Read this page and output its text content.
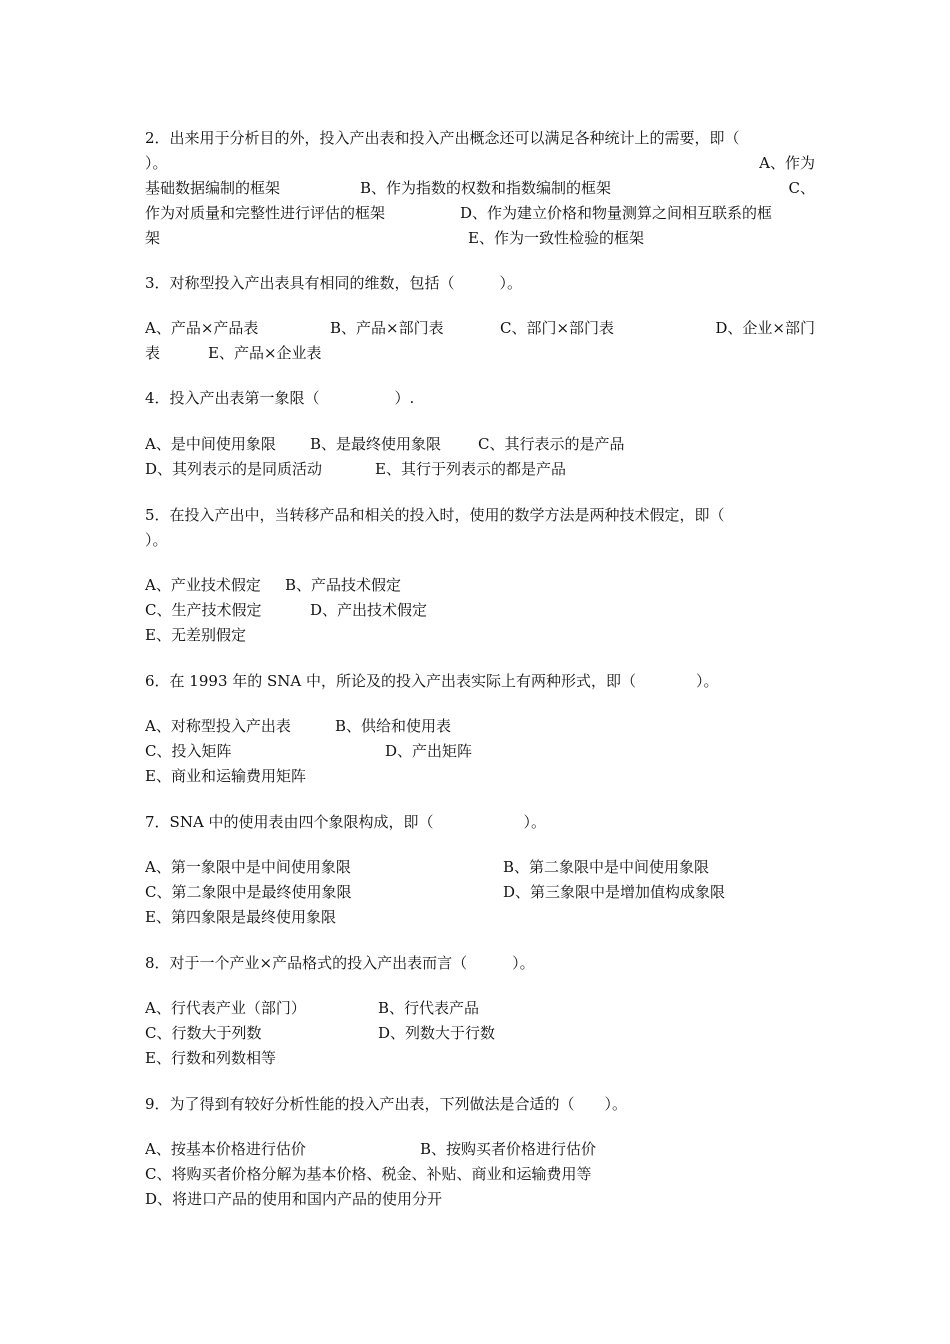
2．出来用于分析目的外，投入产出表和投入产出概念还可以满足各种统计上的需要，即（

）。

	A、作为

基础数据编制的框架

	B、作为指数的权数和指数编制的框架

	C、

作为对质量和完整性进行评估的框架

	D、作为建立价格和物量测算之间相互联系的框

架

	E、作为一致性检验的框架

3．对称型投入产出表具有相同的维数，包括（　　　）。

A、产品×产品表

	B、产品×部门表

	C、部门×部门表

	D、企业×部门

表

	E、产品×企业表

4．投入产出表第一象限（　　　　　）.

A、是中间使用象限

B、是最终使用象限

C、其行表示的是产品

D、其列表示的是同质活动

	E、其行于列表示的都是产品

5．在投入产出中，当转移产品和相关的投入时，使用的数学方法是两种技术假定，即（

）。

A、产业技术假定

B、产品技术假定

C、生产技术假定

	D、产出技术假定

E、无差别假定

6．在 1993 年的 SNA 中，所论及的投入产出表实际上有两种形式，即（　　　　）。

A、对称型投入产出表

	B、供给和使用表

C、投入矩阵

	D、产出矩阵

E、商业和运输费用矩阵

7．SNA 中的使用表由四个象限构成，即（　　　　　　）。

A、第一象限中是中间使用象限

	B、第二象限中是中间使用象限

C、第二象限中是最终使用象限

	D、第三象限中是增加值构成象限

E、第四象限是最终使用象限

8．对于一个产业×产品格式的投入产出表而言（　　　）。

A、行代表产业（部门）

	B、行代表产品

C、行数大于列数

	D、列数大于行数

E、行数和列数相等

9．为了得到有较好分析性能的投入产出表，下列做法是合适的（　　）。

A、按基本价格进行估价

	B、按购买者价格进行估价

C、将购买者价格分解为基本价格、税金、补贴、商业和运输费用等

D、将进口产品的使用和国内产品的使用分开
